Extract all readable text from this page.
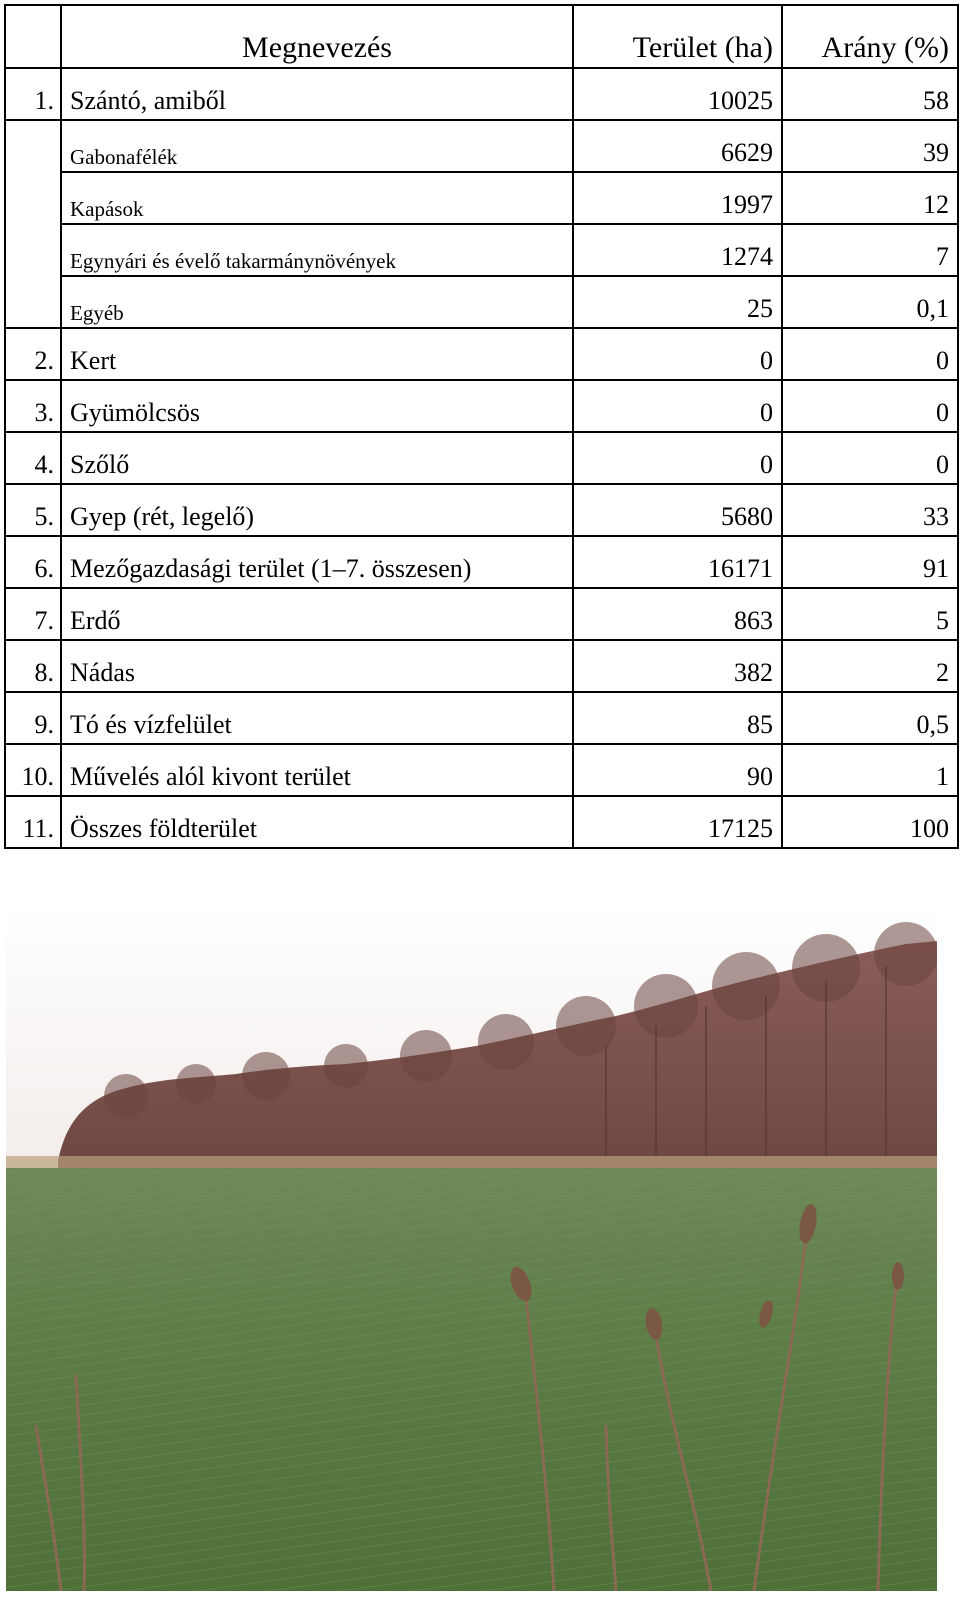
	Megnevezés	Terület (ha)	Arány (%)
1.	Szántó, amiből	10025	58
	Gabonafélék	6629	39
	Kapások	1997	12
	Egynyári és évelő takarmánynövények	1274	7
	Egyéb	25	0,1
2.	Kert	0	0
3.	Gyümölcsös	0	0
4.	Szőlő	0	0
5.	Gyep (rét, legelő)	5680	33
6.	Mezőgazdasági terület (1–7. összesen)	16171	91
7.	Erdő	863	5
8.	Nádas	382	2
9.	Tó és vízfelület	85	0,5
10.	Művelés alól kivont terület	90	1
11.	Összes földterület	17125	100
